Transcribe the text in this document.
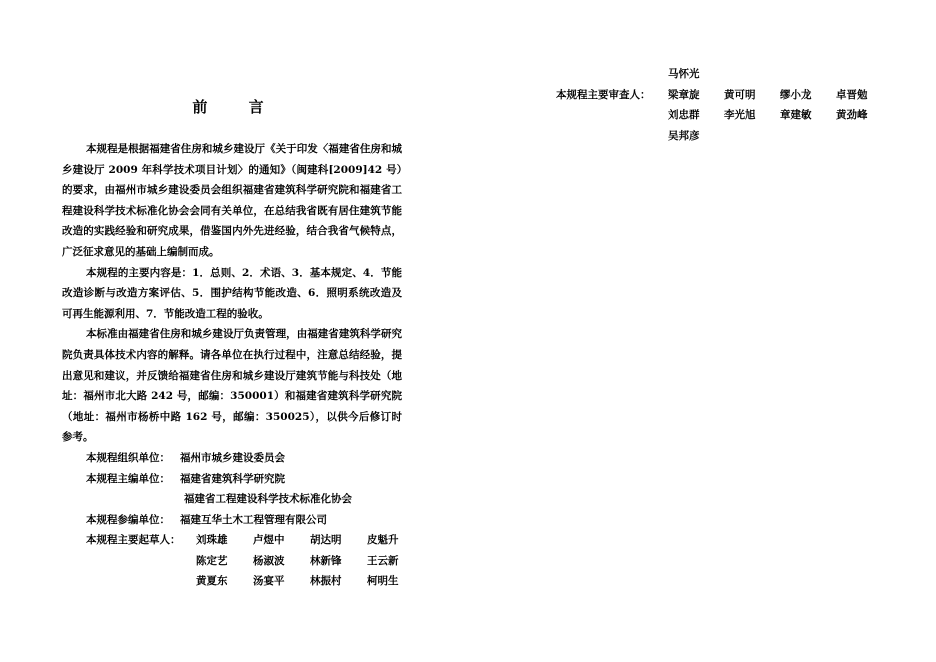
前 言

本规程是根据福建省住房和城乡建设厅《关于印发〈福建省住房和城乡建设厅 2009 年科学技术项目计划〉的通知》（闽建科[2009]42 号）的要求，由福州市城乡建设委员会组织福建省建筑科学研究院和福建省工程建设科学技术标准化协会会同有关单位，在总结我省既有居住建筑节能改造的实践经验和研究成果，借鉴国内外先进经验，结合我省气候特点，广泛征求意见的基础上编制而成。

本规程的主要内容是：1．总则、2．术语、3．基本规定、4．节能改造诊断与改造方案评估、5．围护结构节能改造、6．照明系统改造及可再生能源利用、7．节能改造工程的验收。

本标准由福建省住房和城乡建设厅负责管理，由福建省建筑科学研究院负责具体技术内容的解释。请各单位在执行过程中，注意总结经验，提出意见和建议，并反馈给福建省住房和城乡建设厅建筑节能与科技处（地址：福州市北大路 242 号，邮编：350001）和福建省建筑科学研究院（地址：福州市杨桥中路 162 号，邮编：350025），以供今后修订时参考。

本规程组织单位： 福州市城乡建设委员会
本规程主编单位： 福建省建筑科学研究院
福建省工程建设科学技术标准化协会
本规程参编单位： 福建互华土木工程管理有限公司
本规程主要起草人： 刘珠雄 卢煜中 胡达明 皮魁升
陈定艺 杨淑波 林新锋 王云新
黄夏东 汤宴平 林振村 柯明生
马怀光
本规程主要审查人： 梁章旋 黄可明 缪小龙 卓晋勉
刘忠群 李光旭 章建敏 黄劲峰
吴邦彦
